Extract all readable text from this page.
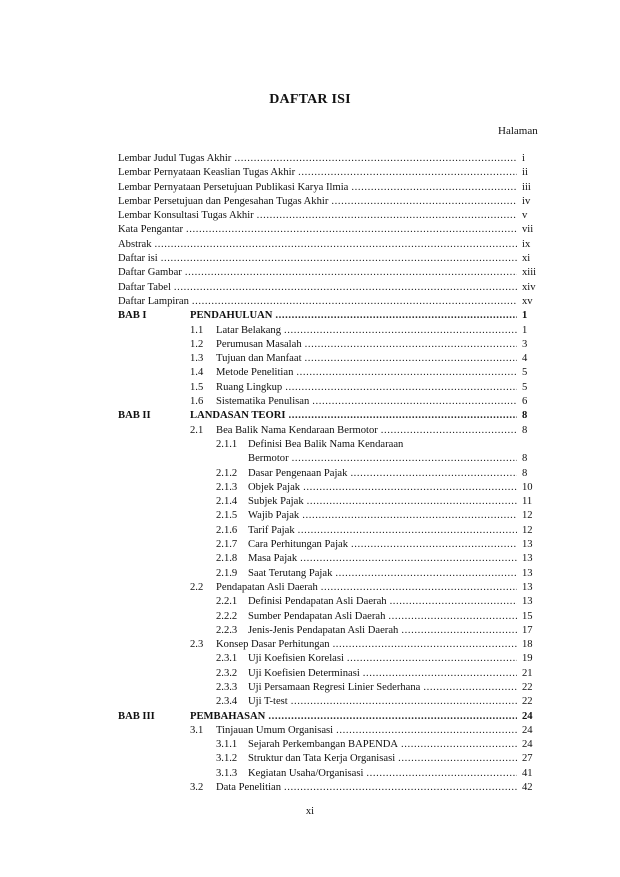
DAFTAR ISI
Halaman
Lembar Judul Tugas Akhir .....	i
Lembar Pernyataan Keaslian Tugas Akhir .....	ii
Lembar Pernyataan Persetujuan Publikasi Karya Ilmia .....	iii
Lembar Persetujuan dan Pengesahan Tugas Akhir .....	iv
Lembar Konsultasi Tugas Akhir .....	v
Kata Pengantar .....	vii
Abstrak .....	ix
Daftar isi .....	xi
Daftar Gambar .....	xiii
Daftar Tabel .....	xiv
Daftar Lampiran .....	xv
BAB I	PENDAHULUAN .....	1
1.1	Latar Belakang .....	1
1.2	Perumusan Masalah .....	3
1.3	Tujuan dan Manfaat .....	4
1.4	Metode Penelitian .....	5
1.5	Ruang Lingkup .....	5
1.6	Sistematika Penulisan .....	6
BAB II	LANDASAN TEORI .....	8
2.1	Bea Balik Nama Kendaraan Bermotor .....	8
2.1.1	Definisi Bea Balik Nama Kendaraan
Bermotor .....	8
2.1.2	Dasar Pengenaan Pajak .....	8
2.1.3	Objek Pajak .....	10
2.1.4	Subjek Pajak .....	11
2.1.5	Wajib Pajak .....	12
2.1.6	Tarif Pajak .....	12
2.1.7	Cara Perhitungan Pajak .....	13
2.1.8	Masa Pajak .....	13
2.1.9	Saat Terutang Pajak .....	13
2.2	Pendapatan Asli Daerah .....	13
2.2.1	Definisi Pendapatan Asli Daerah .....	13
2.2.2	Sumber Pendapatan Asli Daerah .....	15
2.2.3	Jenis-Jenis Pendapatan Asli Daerah .....	17
2.3	Konsep Dasar Perhitungan .....	18
2.3.1	Uji Koefisien Korelasi .....	19
2.3.2	Uji Koefisien Determinasi .....	21
2.3.3	Uji Persamaan Regresi Linier Sederhana .....	22
2.3.4	Uji T-test .....	22
BAB III	PEMBAHASAN .....	24
3.1	Tinjauan Umum Organisasi .....	24
3.1.1	Sejarah Perkembangan BAPENDA .....	24
3.1.2	Struktur dan Tata Kerja Organisasi .....	27
3.1.3	Kegiatan Usaha/Organisasi .....	41
3.2	Data Penelitian .....	42
xi
